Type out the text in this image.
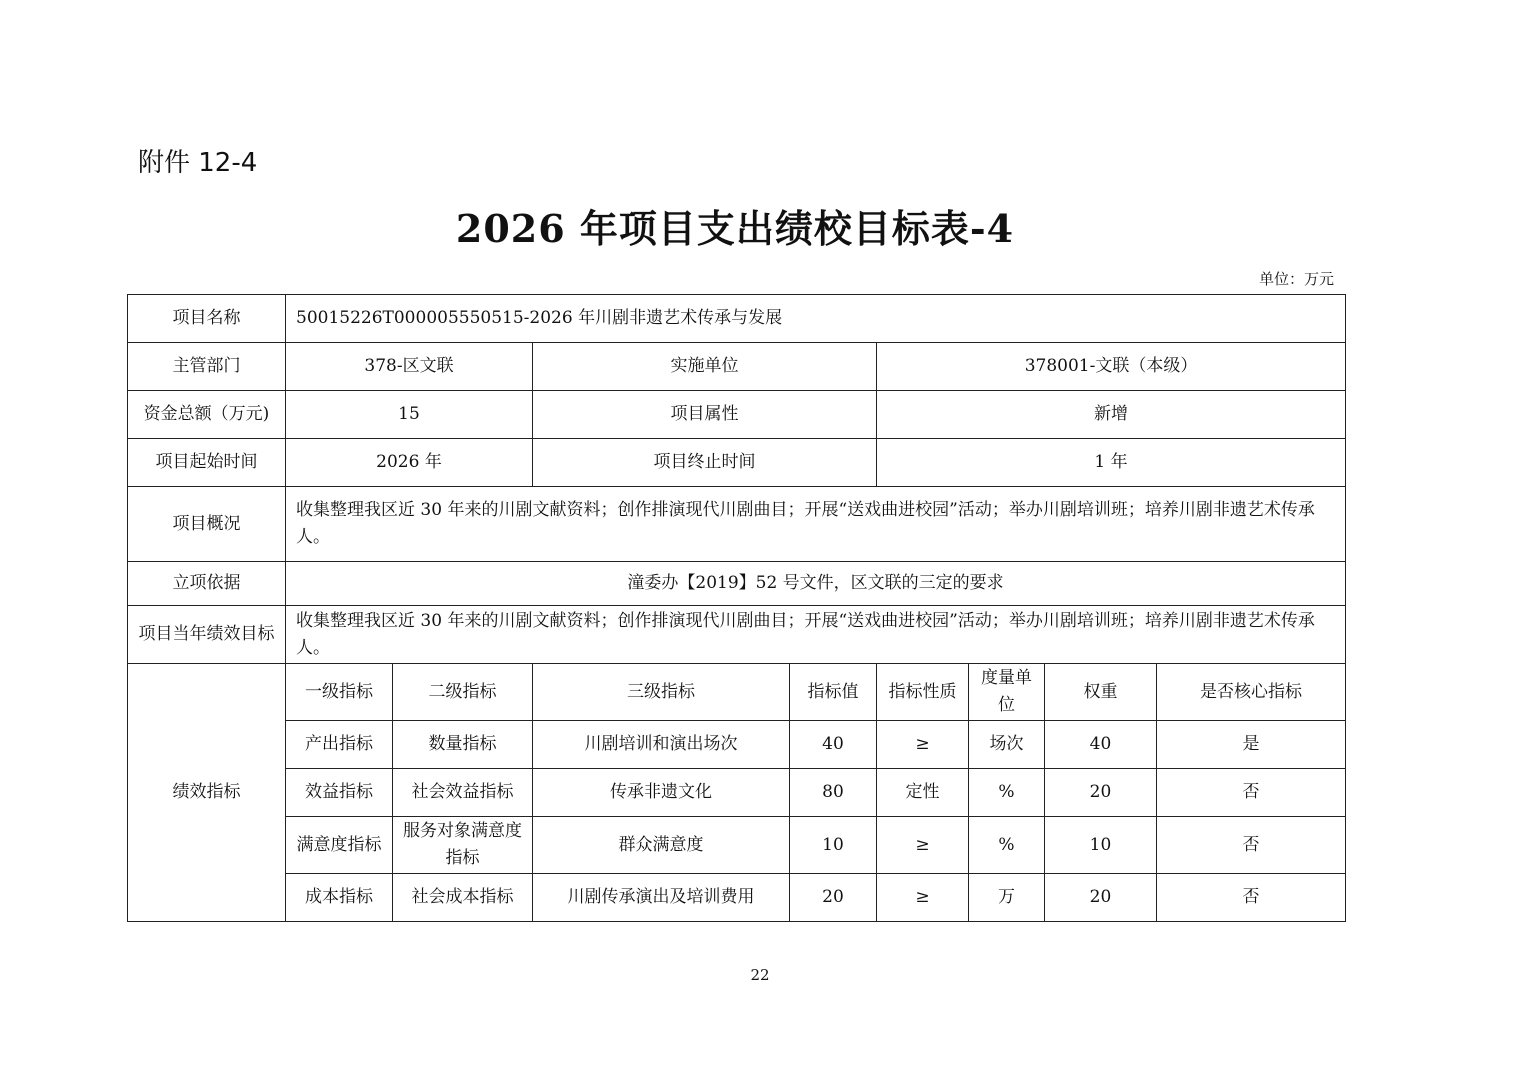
附件 12-4
2026 年项目支出绩校目标表-4
单位：万元
项目名称	50015226T000005550515-2026 年川剧非遗艺术传承与发展							
主管部门	378-区文联		实施单位		378001-文联（本级）			
资金总额（万元)	15		项目属性		新增			
项目起始时间	2026 年		项目终止时间		1 年			
项目概况	收集整理我区近 30 年来的川剧文献资料；创作排演现代川剧曲目；开展“送戏曲进校园”活动；举办川剧培训班；培养川剧非遗艺术传承人。							
立项依据	潼委办【2019】52 号文件，区文联的三定的要求							
项目当年绩效目标	收集整理我区近 30 年来的川剧文献资料；创作排演现代川剧曲目；开展“送戏曲进校园”活动；举办川剧培训班；培养川剧非遗艺术传承人。							
绩效指标	一级指标	二级指标	三级指标	指标值	指标性质	度量单位	权重	是否核心指标
	产出指标	数量指标	川剧培训和演出场次	40	≥	场次	40	是
	效益指标	社会效益指标	传承非遗文化	80	定性	%	20	否
	满意度指标	服务对象满意度指标	群众满意度	10	≥	%	10	否
	成本指标	社会成本指标	川剧传承演出及培训费用	20	≥	万	20	否
22
